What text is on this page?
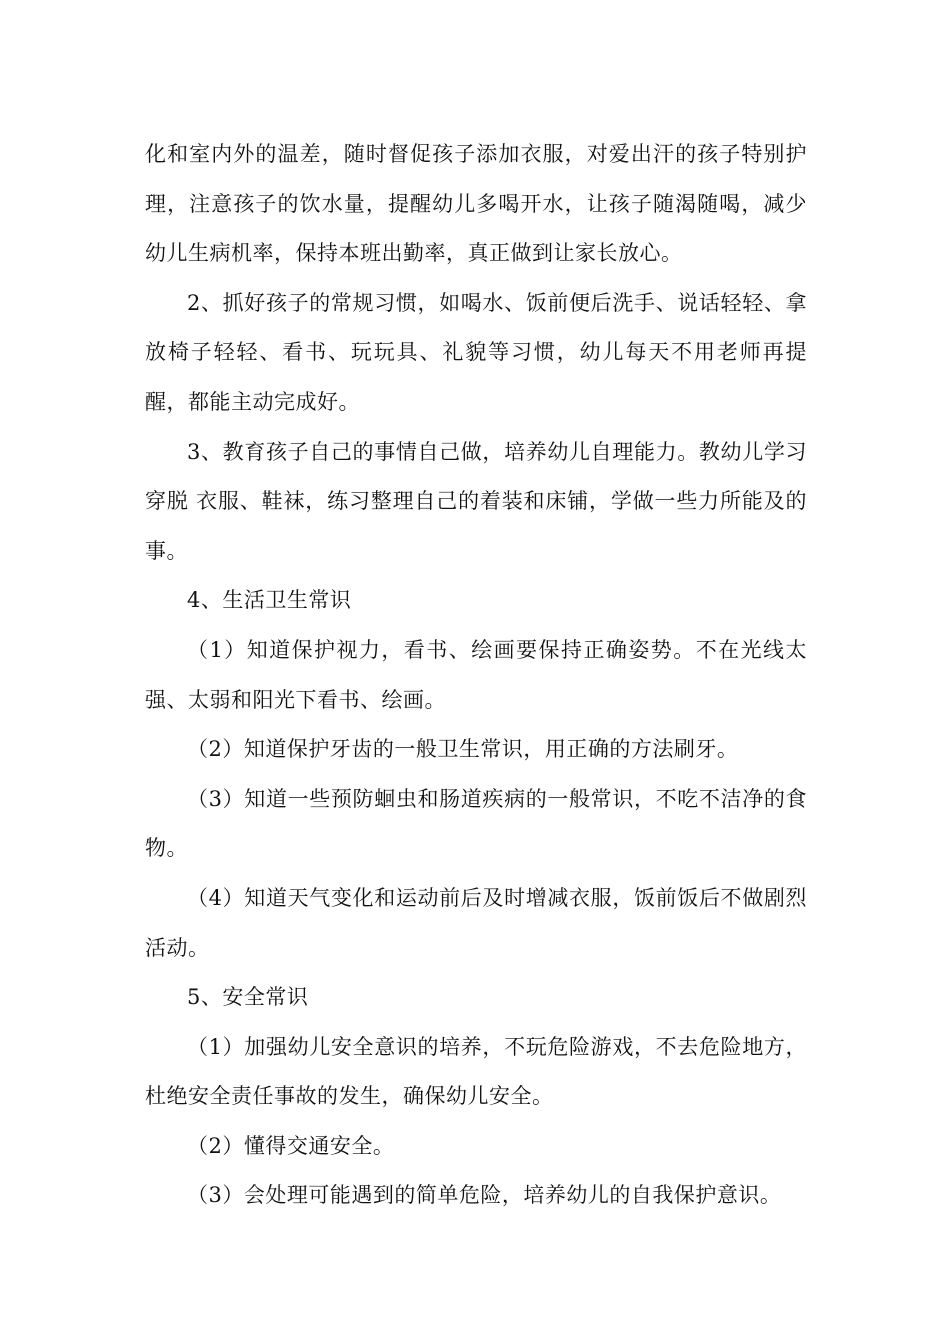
化和室内外的温差，随时督促孩子添加衣服，对爱出汗的孩子特别护理，注意孩子的饮水量，提醒幼儿多喝开水，让孩子随渴随喝，减少幼儿生病机率，保持本班出勤率，真正做到让家长放心。

2、抓好孩子的常规习惯，如喝水、饭前便后洗手、说话轻轻、拿放椅子轻轻、看书、玩玩具、礼貌等习惯，幼儿每天不用老师再提醒，都能主动完成好。

3、教育孩子自己的事情自己做，培养幼儿自理能力。教幼儿学习穿脱 衣服、鞋袜，练习整理自己的着装和床铺，学做一些力所能及的事。

4、生活卫生常识

（1）知道保护视力，看书、绘画要保持正确姿势。不在光线太强、太弱和阳光下看书、绘画。

（2）知道保护牙齿的一般卫生常识，用正确的方法刷牙。

（3）知道一些预防蛔虫和肠道疾病的一般常识，不吃不洁净的食物。

（4）知道天气变化和运动前后及时增减衣服，饭前饭后不做剧烈活动。

5、安全常识

（1）加强幼儿安全意识的培养，不玩危险游戏，不去危险地方，杜绝安全责任事故的发生，确保幼儿安全。

（2）懂得交通安全。

（3）会处理可能遇到的简单危险，培养幼儿的自我保护意识。
